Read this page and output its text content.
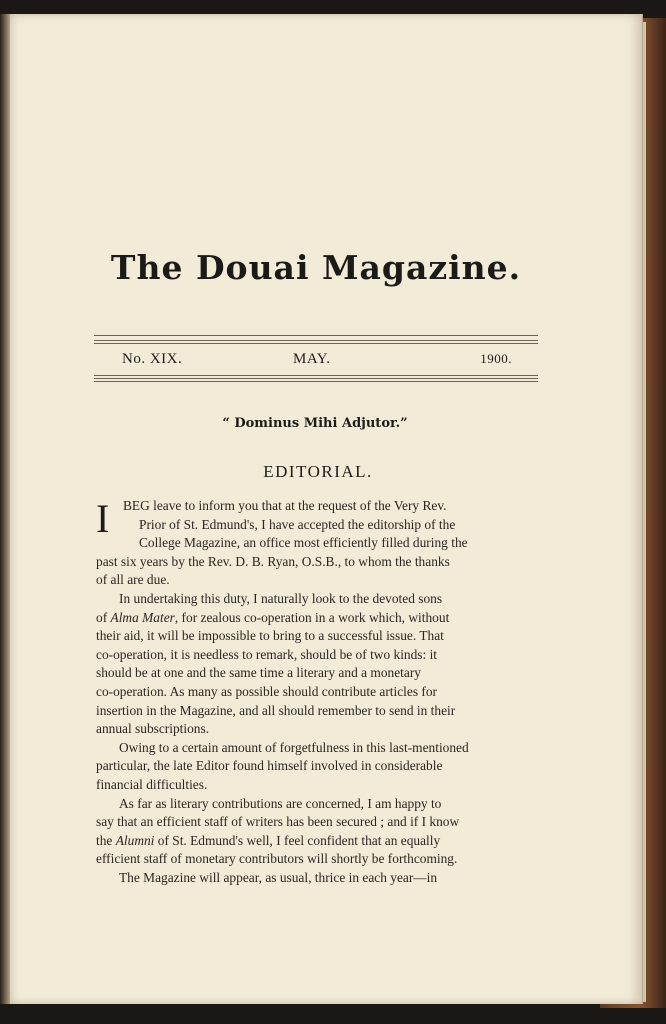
The Douai Magazine.
No. XIX.	MAY.	1900.
“ Dominus Mihi Adjutor.”
EDITORIAL.
I	BEG leave to inform you that at the request of the Very Rev.
Prior of St. Edmund's, I have accepted the editorship of the
College Magazine, an office most efficiently filled during the
past six years by the Rev. D. B. Ryan, O.S.B., to whom the thanks
of all are due.
In undertaking this duty, I naturally look to the devoted sons
of Alma Mater, for zealous co-operation in a work which, without
their aid, it will be impossible to bring to a successful issue. That
co-operation, it is needless to remark, should be of two kinds: it
should be at one and the same time a literary and a monetary
co-operation. As many as possible should contribute articles for
insertion in the Magazine, and all should remember to send in their
annual subscriptions.
Owing to a certain amount of forgetfulness in this last-mentioned
particular, the late Editor found himself involved in considerable
financial difficulties.
As far as literary contributions are concerned, I am happy to
say that an efficient staff of writers has been secured ; and if I know
the Alumni of St. Edmund's well, I feel confident that an equally
efficient staff of monetary contributors will shortly be forthcoming.
The Magazine will appear, as usual, thrice in each year—in
